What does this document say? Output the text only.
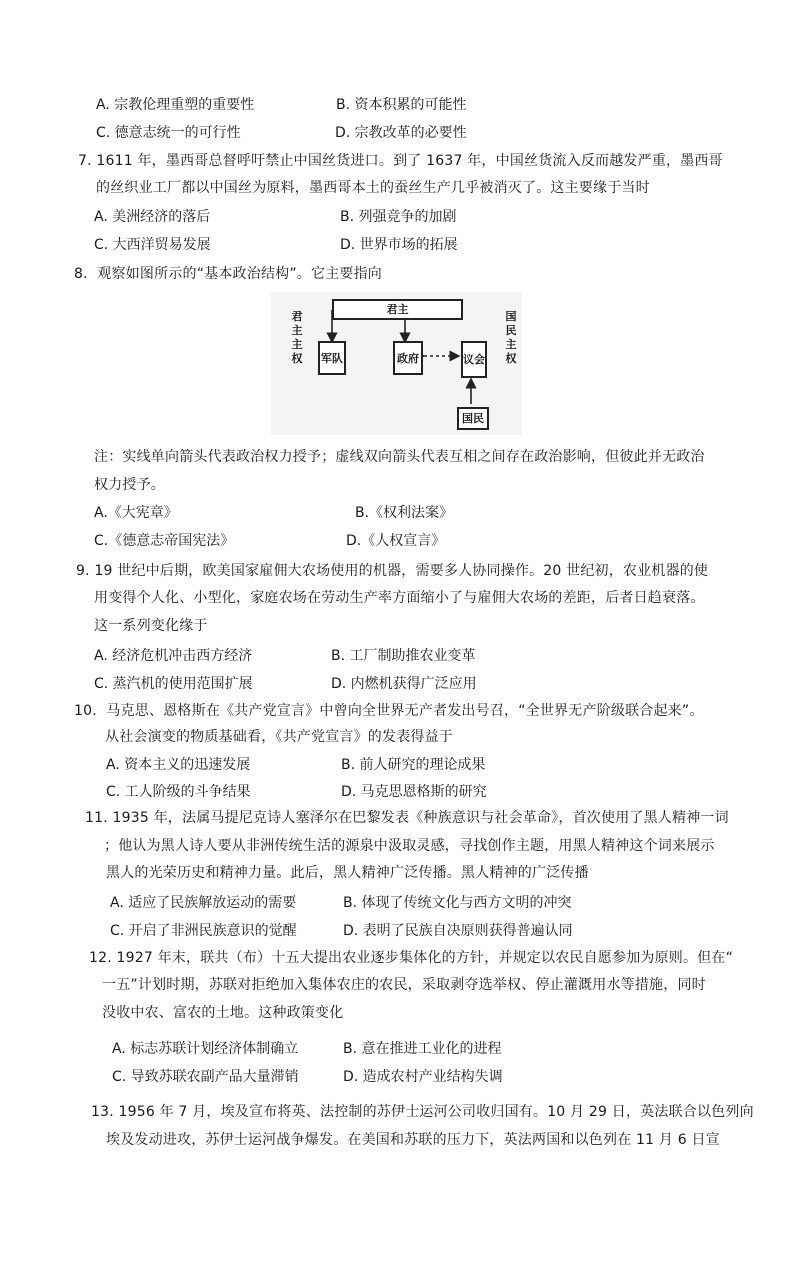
A. 宗教伦理重塑的重要性	B. 资本积累的可能性
C. 德意志统一的可行性	D. 宗教改革的必要性
7. 1611 年，墨西哥总督呼吁禁止中国丝货进口。到了 1637 年，中国丝货流入反而越发严重，墨西哥
的丝织业工厂都以中国丝为原料，墨西哥本土的蚕丝生产几乎被消灭了。这主要缘于当时
A. 美洲经济的落后	B. 列强竞争的加剧
C. 大西洋贸易发展	D. 世界市场的拓展
8．观察如图所示的“基本政治结构”。它主要指向
君主
军队	政府	议会
国民
君主主权
国民主权
注：实线单向箭头代表政治权力授予；虚线双向箭头代表互相之间存在政治影响，但彼此并无政治
权力授予。
A.《大宪章》	B.《权利法案》
C.《德意志帝国宪法》	D.《人权宣言》
9. 19 世纪中后期，欧美国家雇佣大农场使用的机器，需要多人协同操作。20 世纪初，农业机器的使
用变得个人化、小型化，家庭农场在劳动生产率方面缩小了与雇佣大农场的差距，后者日趋衰落。
这一系列变化缘于
A. 经济危机冲击西方经济	B. 工厂制助推农业变革
C. 蒸汽机的使用范围扩展	D. 内燃机获得广泛应用
10．马克思、恩格斯在《共产党宣言》中曾向全世界无产者发出号召，“全世界无产阶级联合起来”。
从社会演变的物质基础看，《共产党宣言》的发表得益于
A. 资本主义的迅速发展	B. 前人研究的理论成果
C. 工人阶级的斗争结果	D. 马克思恩格斯的研究
11. 1935 年，法属马提尼克诗人塞泽尔在巴黎发表《种族意识与社会革命》，首次使用了黑人精神一词
；他认为黑人诗人要从非洲传统生活的源泉中汲取灵感，寻找创作主题，用黑人精神这个词来展示
黑人的光荣历史和精神力量。此后，黑人精神广泛传播。黑人精神的广泛传播
A. 适应了民族解放运动的需要	B. 体现了传统文化与西方文明的冲突
C. 开启了非洲民族意识的觉醒	D. 表明了民族自决原则获得普遍认同
12. 1927 年末，联共（布）十五大提出农业逐步集体化的方针，并规定以农民自愿参加为原则。但在“
一五”计划时期，苏联对拒绝加入集体农庄的农民，采取剥夺选举权、停止灌溉用水等措施，同时
没收中农、富农的土地。这种政策变化
A. 标志苏联计划经济体制确立	B. 意在推进工业化的进程
C. 导致苏联农副产品大量滞销	D. 造成农村产业结构失调
13. 1956 年 7 月，埃及宣布将英、法控制的苏伊士运河公司收归国有。10 月 29 日，英法联合以色列向
埃及发动进攻，苏伊士运河战争爆发。在美国和苏联的压力下，英法两国和以色列在 11 月 6 日宣
